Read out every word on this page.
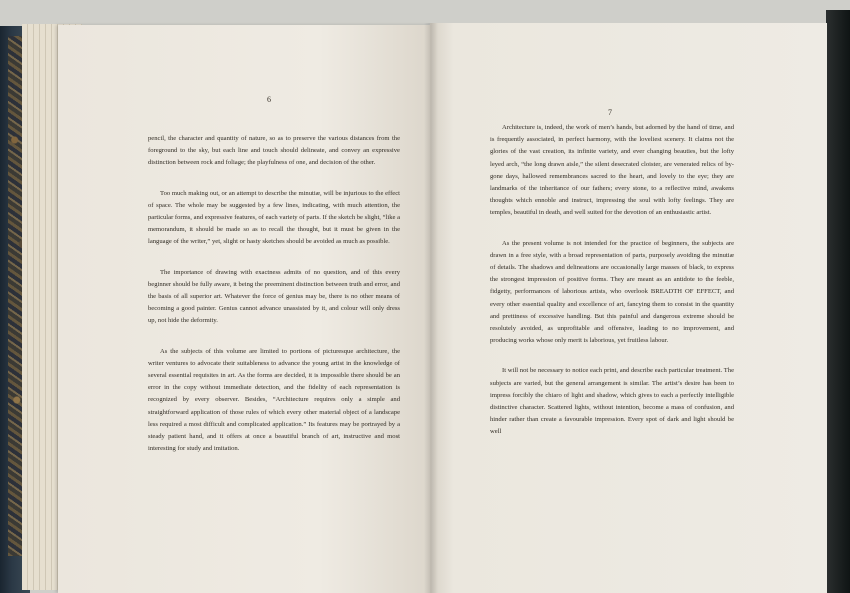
6
7

pencil, the character and quantity of nature, so as to preserve the various distances from the foreground to the sky, but each line and touch should delineate, and convey an expressive distinction between rock and foliage; the playfulness of one, and decision of the other.

Too much making out, or an attempt to describe the minutiæ, will be injurious to the effect of space. The whole may be suggested by a few lines, indicating, with much attention, the particular forms, and expressive features, of each variety of parts. If the sketch be slight, “like a memorandum, it should be made so as to recall the thought, but it must be given in the language of the writer,” yet, slight or hasty sketches should be avoided as much as possible.

The importance of drawing with exactness admits of no question, and of this every beginner should be fully aware, it being the preeminent distinction between truth and error, and the basis of all superior art. Whatever the force of genius may be, there is no other means of becoming a good painter. Genius cannot advance unassisted by it, and colour will only dress up, not hide the deformity.

As the subjects of this volume are limited to portions of picturesque architecture, the writer ventures to advocate their suitableness to advance the young artist in the knowledge of several essential requisites in art. As the forms are decided, it is impossible there should be an error in the copy without immediate detection, and the fidelity of each representation is recognized by every observer. Besides, “Architecture requires only a simple and straightforward application of those rules of which every other material object of a landscape less required a most difficult and complicated application.” Its features may be portrayed by a steady patient hand, and it offers at once a beautiful branch of art, instructive and most interesting for study and imitation.

Architecture is, indeed, the work of men’s hands, but adorned by the hand of time, and is frequently associated, in perfect harmony, with the loveliest scenery. It claims not the glories of the vast creation, its infinite variety, and ever changing beauties, but the lofty leyed arch, “the long drawn aisle,” the silent desecrated cloister, are venerated relics of by-gone days, hallowed remembrances sacred to the heart, and lovely to the eye; they are landmarks of the inheritance of our fathers; every stone, to a reflective mind, awakens thoughts which ennoble and instruct, impressing the soul with lofty feelings. They are temples, beautiful in death, and well suited for the devotion of an enthusiastic artist.

As the present volume is not intended for the practice of beginners, the subjects are drawn in a free style, with a broad representation of parts, purposely avoiding the minutiæ of details. The shadows and delineations are occasionally large masses of black, to express the strongest impression of positive forms. They are meant as an antidote to the feeble, fidgetty, performances of laborious artists, who overlook BREADTH OF EFFECT, and every other essential quality and excellence of art, fancying them to consist in the quantity and prettiness of excessive handling. But this painful and dangerous extreme should be resolutely avoided, as unprofitable and offensive, leading to no improvement, and producing works whose only merit is laborious, yet fruitless labour.

It will not be necessary to notice each print, and describe each particular treatment. The subjects are varied, but the general arrangement is similar. The artist’s desire has been to impress forcibly the chiaro of light and shadow, which gives to each a perfectly intelligible distinctive character. Scattered lights, without intention, become a mass of confusion, and hinder rather than create a favourable impression. Every spot of dark and light should be well
